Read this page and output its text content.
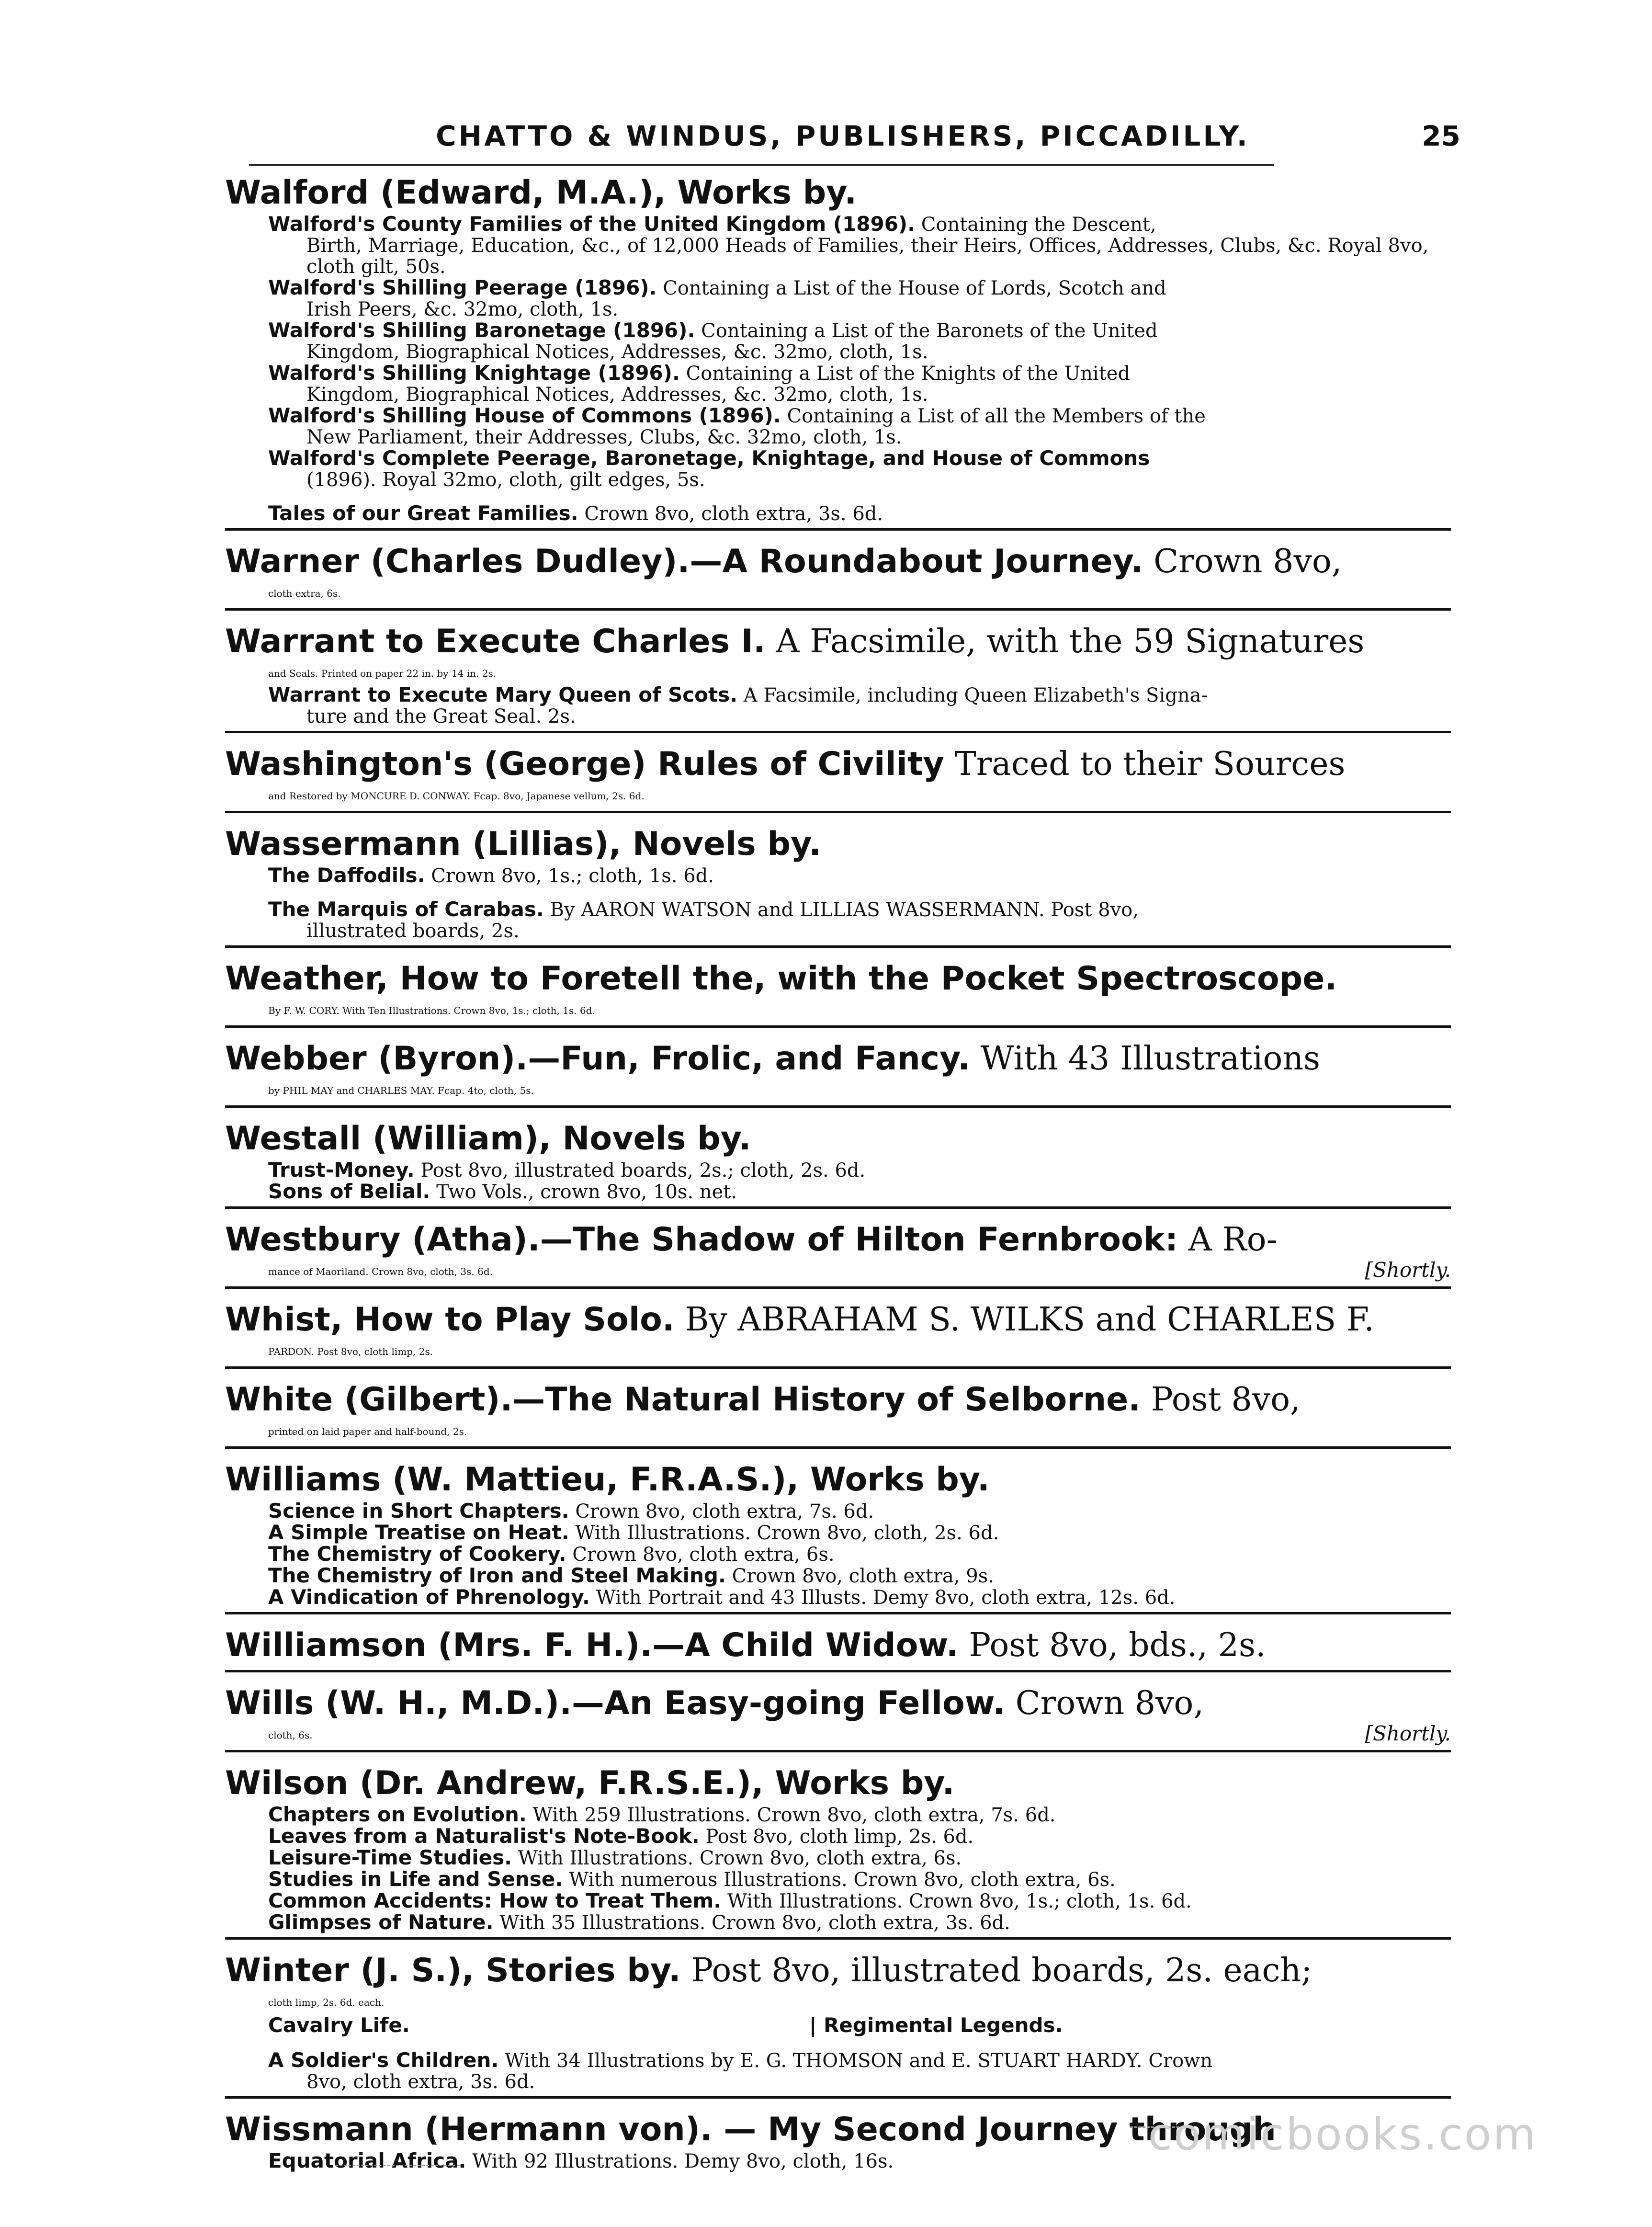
CHATTO & WINDUS, PUBLISHERS, PICCADILLY.	25
Walford (Edward, M.A.), Works by.
Walford's County Families of the United Kingdom (1896). Containing the Descent,
Birth, Marriage, Education, &c., of 12,000 Heads of Families, their Heirs, Offices, Addresses, Clubs, &c. Royal 8vo, cloth gilt, 50s.
Walford's Shilling Peerage (1896). Containing a List of the House of Lords, Scotch and
Irish Peers, &c. 32mo, cloth, 1s.
Walford's Shilling Baronetage (1896). Containing a List of the Baronets of the United
Kingdom, Biographical Notices, Addresses, &c. 32mo, cloth, 1s.
Walford's Shilling Knightage (1896). Containing a List of the Knights of the United
Kingdom, Biographical Notices, Addresses, &c. 32mo, cloth, 1s.
Walford's Shilling House of Commons (1896). Containing a List of all the Members of the
New Parliament, their Addresses, Clubs, &c. 32mo, cloth, 1s.
Walford's Complete Peerage, Baronetage, Knightage, and House of Commons
(1896). Royal 32mo, cloth, gilt edges, 5s.
Tales of our Great Families. Crown 8vo, cloth extra, 3s. 6d.
Warner (Charles Dudley).—A Roundabout Journey. Crown 8vo,
cloth extra, 6s.
Warrant to Execute Charles I. A Facsimile, with the 59 Signatures
and Seals. Printed on paper 22 in. by 14 in. 2s.
Warrant to Execute Mary Queen of Scots. A Facsimile, including Queen Elizabeth's Signa-
ture and the Great Seal. 2s.
Washington's (George) Rules of Civility Traced to their Sources
and Restored by MONCURE D. CONWAY. Fcap. 8vo, Japanese vellum, 2s. 6d.
Wassermann (Lillias), Novels by.
The Daffodils. Crown 8vo, 1s.; cloth, 1s. 6d.
The Marquis of Carabas. By AARON WATSON and LILLIAS WASSERMANN. Post 8vo,
illustrated boards, 2s.
Weather, How to Foretell the, with the Pocket Spectroscope.
By F. W. CORY. With Ten Illustrations. Crown 8vo, 1s.; cloth, 1s. 6d.
Webber (Byron).—Fun, Frolic, and Fancy. With 43 Illustrations
by PHIL MAY and CHARLES MAY. Fcap. 4to, cloth, 5s.
Westall (William), Novels by.
Trust-Money. Post 8vo, illustrated boards, 2s.; cloth, 2s. 6d.
Sons of Belial. Two Vols., crown 8vo, 10s. net.
Westbury (Atha).—The Shadow of Hilton Fernbrook: A Ro-
mance of Maoriland. Crown 8vo, cloth, 3s. 6d.	[Shortly.
Whist, How to Play Solo. By ABRAHAM S. WILKS and CHARLES F.
PARDON. Post 8vo, cloth limp, 2s.
White (Gilbert).—The Natural History of Selborne. Post 8vo,
printed on laid paper and half-bound, 2s.
Williams (W. Mattieu, F.R.A.S.), Works by.
Science in Short Chapters. Crown 8vo, cloth extra, 7s. 6d.
A Simple Treatise on Heat. With Illustrations. Crown 8vo, cloth, 2s. 6d.
The Chemistry of Cookery. Crown 8vo, cloth extra, 6s.
The Chemistry of Iron and Steel Making. Crown 8vo, cloth extra, 9s.
A Vindication of Phrenology. With Portrait and 43 Illusts. Demy 8vo, cloth extra, 12s. 6d.
Williamson (Mrs. F. H.).—A Child Widow. Post 8vo, bds., 2s.
Wills (W. H., M.D.).—An Easy-going Fellow. Crown 8vo,
cloth, 6s.	[Shortly.
Wilson (Dr. Andrew, F.R.S.E.), Works by.
Chapters on Evolution. With 259 Illustrations. Crown 8vo, cloth extra, 7s. 6d.
Leaves from a Naturalist's Note-Book. Post 8vo, cloth limp, 2s. 6d.
Leisure-Time Studies. With Illustrations. Crown 8vo, cloth extra, 6s.
Studies in Life and Sense. With numerous Illustrations. Crown 8vo, cloth extra, 6s.
Common Accidents: How to Treat Them. With Illustrations. Crown 8vo, 1s.; cloth, 1s. 6d.
Glimpses of Nature. With 35 Illustrations. Crown 8vo, cloth extra, 3s. 6d.
Winter (J. S.), Stories by. Post 8vo, illustrated boards, 2s. each;
cloth limp, 2s. 6d. each.
Cavalry Life.	| Regimental Legends.
A Soldier's Children. With 34 Illustrations by E. G. THOMSON and E. STUART HARDY. Crown
8vo, cloth extra, 3s. 6d.
Wissmann (Hermann von). — My Second Journey through
Equatorial Africa. With 92 Illustrations. Demy 8vo, cloth, 16s.
comicbooks.com
